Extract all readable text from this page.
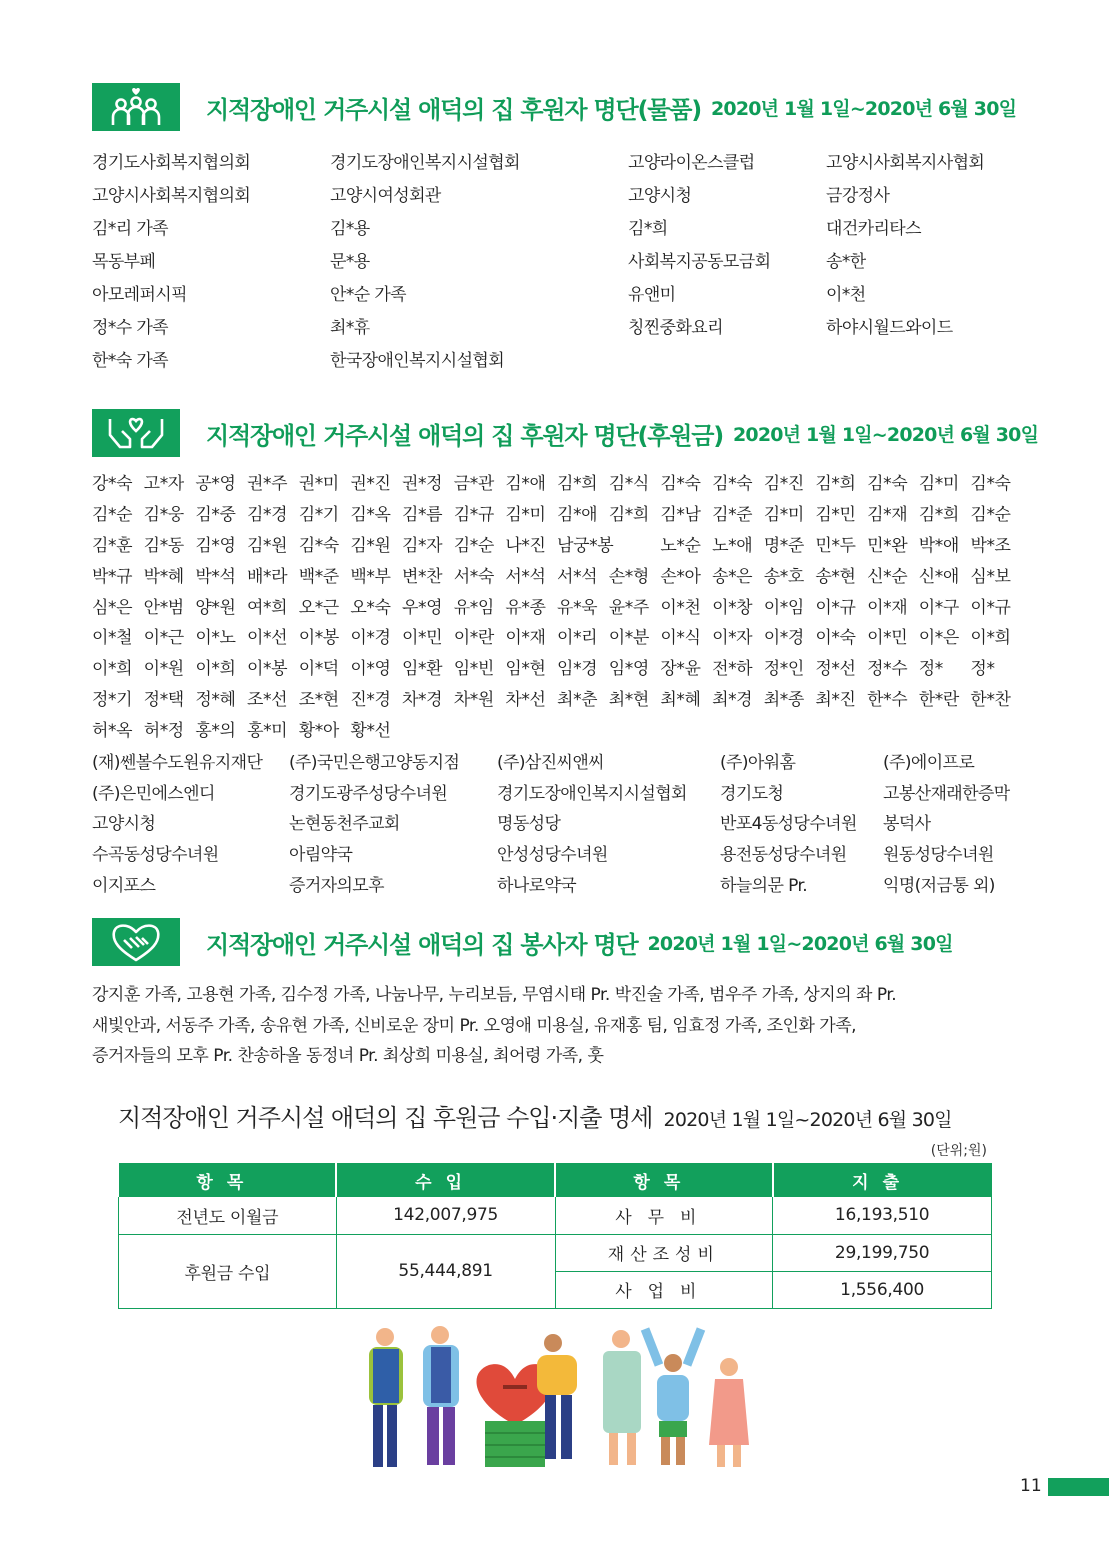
지적장애인 거주시설 애덕의 집 후원자 명단(물품) 2020년 1월 1일~2020년 6월 30일
경기도사회복지협의회	경기도장애인복지시설협회	고양라이온스클럽	고양시사회복지사협회
고양시사회복지협의회	고양시여성회관	고양시청	금강정사
김*리 가족	김*용	김*희	대건카리타스
목동부페	문*용	사회복지공동모금회	송*한
아모레퍼시픽	안*순 가족	유앤미	이*천
정*수 가족	최*휴	칭찐중화요리	하야시월드와이드
한*숙 가족	한국장애인복지시설협회
지적장애인 거주시설 애덕의 집 후원자 명단(후원금) 2020년 1월 1일~2020년 6월 30일
강*숙 고*자 공*영 권*주 권*미 권*진 권*정 금*관 김*애 김*희 김*식 김*숙 김*숙 김*진 김*희 김*숙 김*미 김*숙
김*순 김*웅 김*중 김*경 김*기 김*옥 김*름 김*규 김*미 김*애 김*희 김*남 김*준 김*미 김*민 김*재 김*희 김*순
김*훈 김*동 김*영 김*원 김*숙 김*원 김*자 김*순 나*진 남궁*봉	노*순 노*애 명*준 민*두 민*완 박*애 박*조
박*규 박*혜 박*석 배*라 백*준 백*부 변*찬 서*숙 서*석 서*석 손*형 손*아 송*은 송*호 송*현 신*순 신*애 심*보
심*은 안*범 양*원 여*희 오*근 오*숙 우*영 유*임 유*종 유*욱 윤*주 이*천 이*창 이*임 이*규 이*재 이*구 이*규
이*철 이*근 이*노 이*선 이*봉 이*경 이*민 이*란 이*재 이*리 이*분 이*식 이*자 이*경 이*숙 이*민 이*은 이*희
이*희 이*원 이*희 이*봉 이*덕 이*영 임*환 임*빈 임*현 임*경 임*영 장*윤 전*하 정*인 정*선 정*수 정*	정*
정*기 정*택 정*혜 조*선 조*현 진*경 차*경 차*원 차*선 최*춘 최*현 최*혜 최*경 최*종 최*진 한*수 한*란 한*찬
허*옥 허*정 홍*의 홍*미 황*아 황*선
(재)쎈볼수도원유지재단	(주)국민은행고양동지점	(주)삼진씨앤씨	(주)아워홈	(주)에이프로
(주)은민에스엔디	경기도광주성당수녀원	경기도장애인복지시설협회	경기도청	고봉산재래한증막
고양시청	논현동천주교회	명동성당	반포4동성당수녀원	봉덕사
수곡동성당수녀원	아림약국	안성성당수녀원	용전동성당수녀원	원동성당수녀원
이지포스	증거자의모후	하나로약국	하늘의문 Pr.	익명(저금통 외)
지적장애인 거주시설 애덕의 집 봉사자 명단 2020년 1월 1일~2020년 6월 30일
강지훈 가족, 고용현 가족, 김수정 가족, 나눔나무, 누리보듬, 무염시태 Pr. 박진술 가족, 범우주 가족, 상지의 좌 Pr.
새빛안과, 서동주 가족, 송유현 가족, 신비로운 장미 Pr. 오영애 미용실, 유재홍 팀, 임효정 가족, 조인화 가족,
증거자들의 모후 Pr. 찬송하올 동정녀 Pr. 최상희 미용실, 최어령 가족, 훗
지적장애인 거주시설 애덕의 집 후원금 수입·지출 명세 2020년 1월 1일~2020년 6월 30일
(단위;원)
항목	수입	항목	지출
전년도 이월금	142,007,975	사무비	16,193,510
후원금 수입	55,444,891	재산조성비	29,199,750
		사업비	1,556,400
11
